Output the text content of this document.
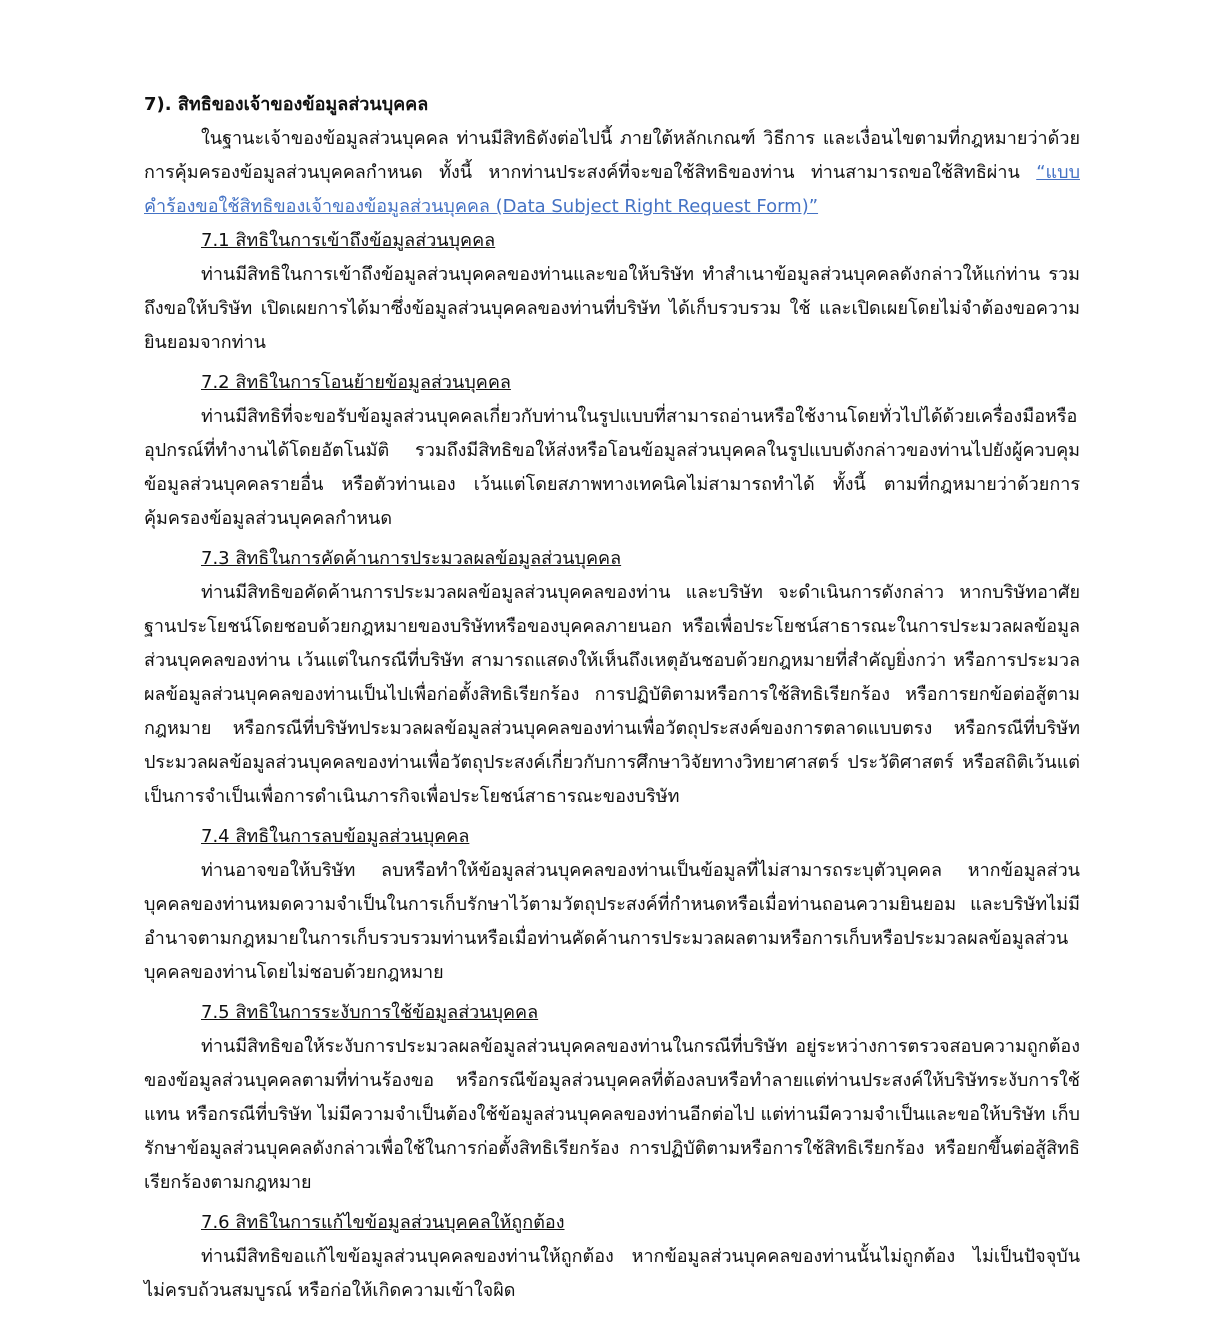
7). สิทธิของเจ้าของข้อมูลส่วนบุคคล

ในฐานะเจ้าของข้อมูลส่วนบุคคล ท่านมีสิทธิดังต่อไปนี้ ภายใต้หลักเกณฑ์ วิธีการ และเงื่อนไขตามที่กฎหมายว่าด้วยการคุ้มครองข้อมูลส่วนบุคคลกำหนด ทั้งนี้ หากท่านประสงค์ที่จะขอใช้สิทธิของท่าน ท่านสามารถขอใช้สิทธิผ่าน “แบบคำร้องขอใช้สิทธิของเจ้าของข้อมูลส่วนบุคคล (Data Subject Right Request Form)”

7.1 สิทธิในการเข้าถึงข้อมูลส่วนบุคคล

ท่านมีสิทธิในการเข้าถึงข้อมูลส่วนบุคคลของท่านและขอให้บริษัท ทำสำเนาข้อมูลส่วนบุคคลดังกล่าวให้แก่ท่าน รวมถึงขอให้บริษัท เปิดเผยการได้มาซึ่งข้อมูลส่วนบุคคลของท่านที่บริษัท ได้เก็บรวบรวม ใช้ และเปิดเผยโดยไม่จำต้องขอความยินยอมจากท่าน

7.2 สิทธิในการโอนย้ายข้อมูลส่วนบุคคล

ท่านมีสิทธิที่จะขอรับข้อมูลส่วนบุคคลเกี่ยวกับท่านในรูปแบบที่สามารถอ่านหรือใช้งานโดยทั่วไปได้ด้วยเครื่องมือหรืออุปกรณ์ที่ทำงานได้โดยอัตโนมัติ รวมถึงมีสิทธิขอให้ส่งหรือโอนข้อมูลส่วนบุคคลในรูปแบบดังกล่าวของท่านไปยังผู้ควบคุมข้อมูลส่วนบุคคลรายอื่น หรือตัวท่านเอง เว้นแต่โดยสภาพทางเทคนิคไม่สามารถทำได้ ทั้งนี้ ตามที่กฎหมายว่าด้วยการคุ้มครองข้อมูลส่วนบุคคลกำหนด

7.3 สิทธิในการคัดค้านการประมวลผลข้อมูลส่วนบุคคล

ท่านมีสิทธิขอคัดค้านการประมวลผลข้อมูลส่วนบุคคลของท่าน และบริษัท จะดำเนินการดังกล่าว หากบริษัทอาศัยฐานประโยชน์โดยชอบด้วยกฎหมายของบริษัทหรือของบุคคลภายนอก หรือเพื่อประโยชน์สาธารณะในการประมวลผลข้อมูลส่วนบุคคลของท่าน เว้นแต่ในกรณีที่บริษัท สามารถแสดงให้เห็นถึงเหตุอันชอบด้วยกฎหมายที่สำคัญยิ่งกว่า หรือการประมวลผลข้อมูลส่วนบุคคลของท่านเป็นไปเพื่อก่อตั้งสิทธิเรียกร้อง การปฏิบัติตามหรือการใช้สิทธิเรียกร้อง หรือการยกข้อต่อสู้ตามกฎหมาย หรือกรณีที่บริษัทประมวลผลข้อมูลส่วนบุคคลของท่านเพื่อวัตถุประสงค์ของการตลาดแบบตรง หรือกรณีที่บริษัทประมวลผลข้อมูลส่วนบุคคลของท่านเพื่อวัตถุประสงค์เกี่ยวกับการศึกษาวิจัยทางวิทยาศาสตร์ ประวัติศาสตร์ หรือสถิติเว้นแต่เป็นการจำเป็นเพื่อการดำเนินภารกิจเพื่อประโยชน์สาธารณะของบริษัท

7.4 สิทธิในการลบข้อมูลส่วนบุคคล

ท่านอาจขอให้บริษัท ลบหรือทำให้ข้อมูลส่วนบุคคลของท่านเป็นข้อมูลที่ไม่สามารถระบุตัวบุคคล หากข้อมูลส่วนบุคคลของท่านหมดความจำเป็นในการเก็บรักษาไว้ตามวัตถุประสงค์ที่กำหนดหรือเมื่อท่านถอนความยินยอม และบริษัทไม่มีอำนาจตามกฎหมายในการเก็บรวบรวมท่านหรือเมื่อท่านคัดค้านการประมวลผลตามหรือการเก็บหรือประมวลผลข้อมูลส่วนบุคคลของท่านโดยไม่ชอบด้วยกฎหมาย

7.5 สิทธิในการระงับการใช้ข้อมูลส่วนบุคคล

ท่านมีสิทธิขอให้ระงับการประมวลผลข้อมูลส่วนบุคคลของท่านในกรณีที่บริษัท อยู่ระหว่างการตรวจสอบความถูกต้องของข้อมูลส่วนบุคคลตามที่ท่านร้องขอ หรือกรณีข้อมูลส่วนบุคคลที่ต้องลบหรือทำลายแต่ท่านประสงค์ให้บริษัทระงับการใช้แทน หรือกรณีที่บริษัท ไม่มีความจำเป็นต้องใช้ข้อมูลส่วนบุคคลของท่านอีกต่อไป แต่ท่านมีความจำเป็นและขอให้บริษัท เก็บรักษาข้อมูลส่วนบุคคลดังกล่าวเพื่อใช้ในการก่อตั้งสิทธิเรียกร้อง การปฏิบัติตามหรือการใช้สิทธิเรียกร้อง หรือยกขึ้นต่อสู้สิทธิเรียกร้องตามกฎหมาย

7.6 สิทธิในการแก้ไขข้อมูลส่วนบุคคลให้ถูกต้อง

ท่านมีสิทธิขอแก้ไขข้อมูลส่วนบุคคลของท่านให้ถูกต้อง หากข้อมูลส่วนบุคคลของท่านนั้นไม่ถูกต้อง ไม่เป็นปัจจุบัน ไม่ครบถ้วนสมบูรณ์ หรือก่อให้เกิดความเข้าใจผิด
